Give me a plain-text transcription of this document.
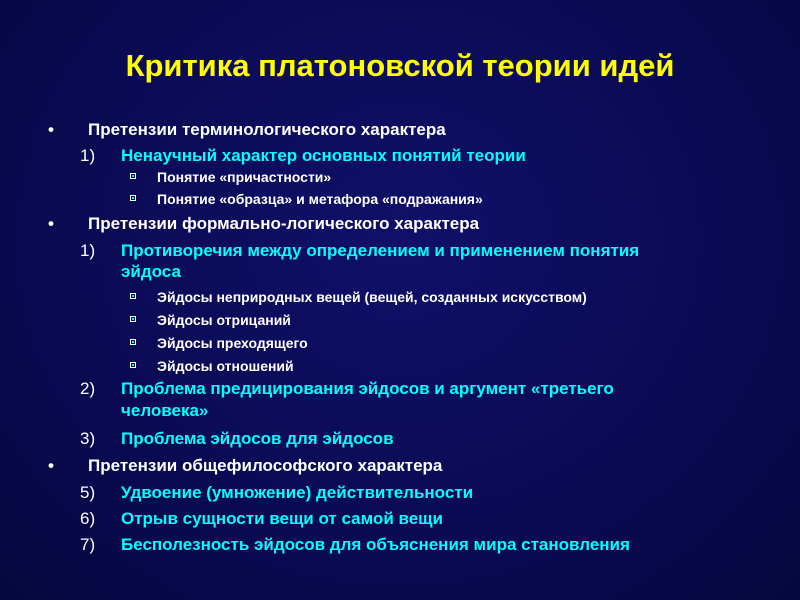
Критика платоновской теории идей
• Претензии терминологического характера
1) Ненаучный характер основных понятий теории
Понятие «причастности»
Понятие «образца» и метафора «подражания»
• Претензии формально-логического характера
1) Противоречия между определением и применением понятия
эйдоса
Эйдосы неприродных вещей (вещей, созданных искусством)
Эйдосы отрицаний
Эйдосы преходящего
Эйдосы отношений
2) Проблема предицирования эйдосов и аргумент «третьего
человека»
3) Проблема эйдосов для эйдосов
• Претензии общефилософского характера
5) Удвоение (умножение) действительности
6) Отрыв сущности вещи от самой вещи
7) Бесполезность эйдосов для объяснения мира становления
